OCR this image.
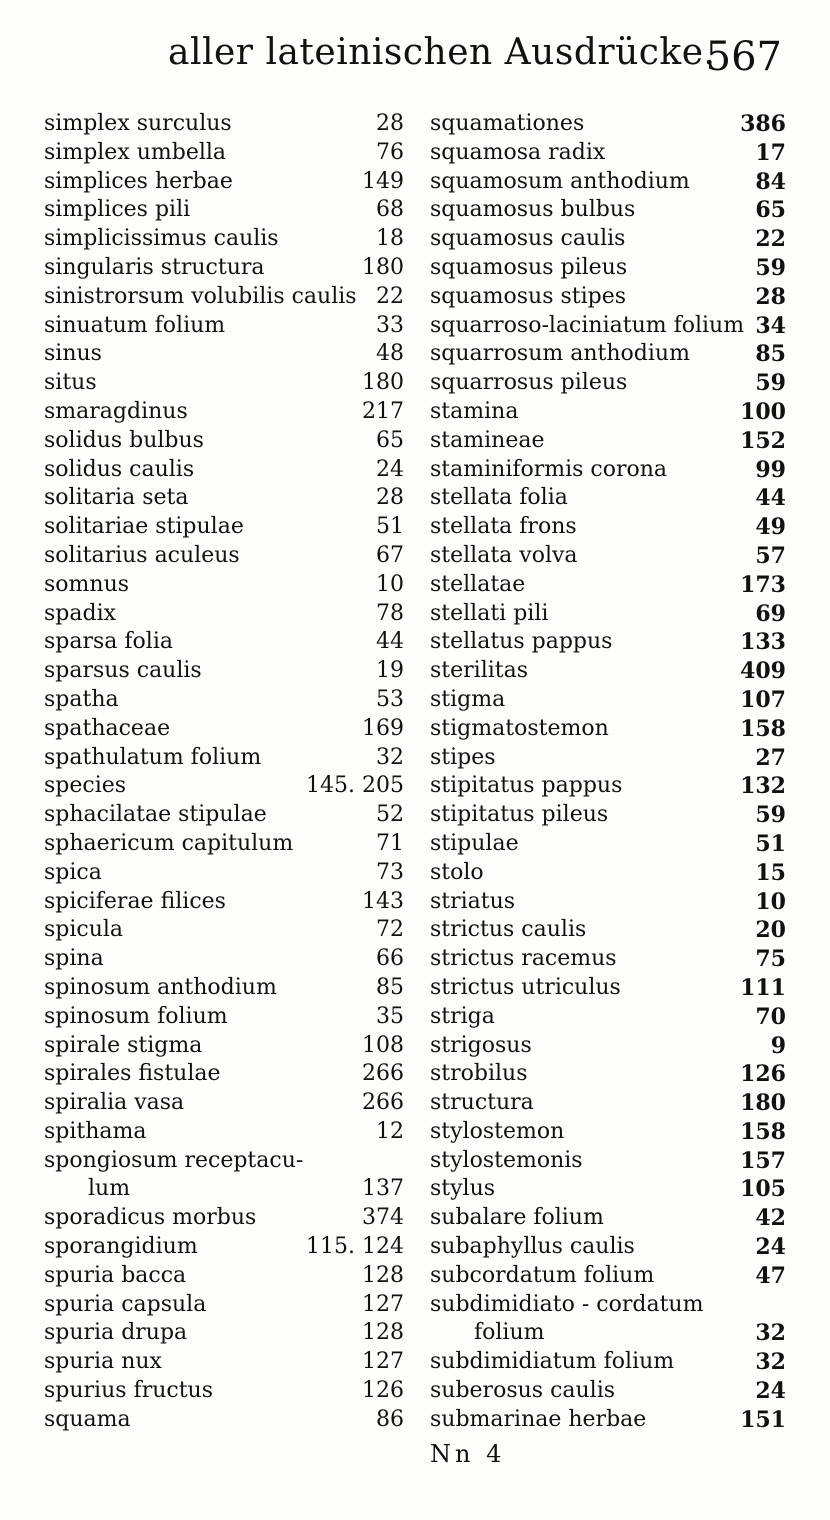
aller lateinischen Ausdrücke.
567
simplex surculus	28
simplex umbella	76
simplices herbae	149
simplices pili	68
simplicissimus caulis	18
singularis structura	180
sinistrorsum volubilis caulis 22
sinuatum folium	33
sinus	48
situs	180
smaragdinus	217
solidus bulbus	65
solidus caulis	24
solitaria seta	28
solitariae stipulae	51
solitarius aculeus	67
somnus	10
spadix	78
sparsa folia	44
sparsus caulis	19
spatha	53
spathaceae	169
spathulatum folium	32
species	145. 205
sphacilatae stipulae	52
sphaericum capitulum	71
spica	73
spiciferae filices	143
spicula	72
spina	66
spinosum anthodium	85
spinosum folium	35
spirale stigma	108
spirales fistulae	266
spiralia vasa	266
spithama	12
spongiosum receptacu-
lum	137
sporadicus morbus	374
sporangidium	115. 124
spuria bacca	128
spuria capsula	127
spuria drupa	128
spuria nux	127
spurius fructus	126
squama	86
squamationes	386
squamosa radix	17
squamosum anthodium	84
squamosus bulbus	65
squamosus caulis	22
squamosus pileus	59
squamosus stipes	28
squarroso-laciniatum folium 34
squarrosum anthodium	85
squarrosus pileus	59
stamina	100
stamineae	152
staminiformis corona	99
stellata folia	44
stellata frons	49
stellata volva	57
stellatae	173
stellati pili	69
stellatus pappus	133
sterilitas	409
stigma	107
stigmatostemon	158
stipes	27
stipitatus pappus	132
stipitatus pileus	59
stipulae	51
stolo	15
striatus	10
strictus caulis	20
strictus racemus	75
strictus utriculus	111
striga	70
strigosus	9
strobilus	126
structura	180
stylostemon	158
stylostemonis	157
stylus	105
subalare folium	42
subaphyllus caulis	24
subcordatum folium	47
subdimidiato - cordatum
folium	32
subdimidiatum folium	32
suberosus caulis	24
submarinae herbae	151
Nn 4
